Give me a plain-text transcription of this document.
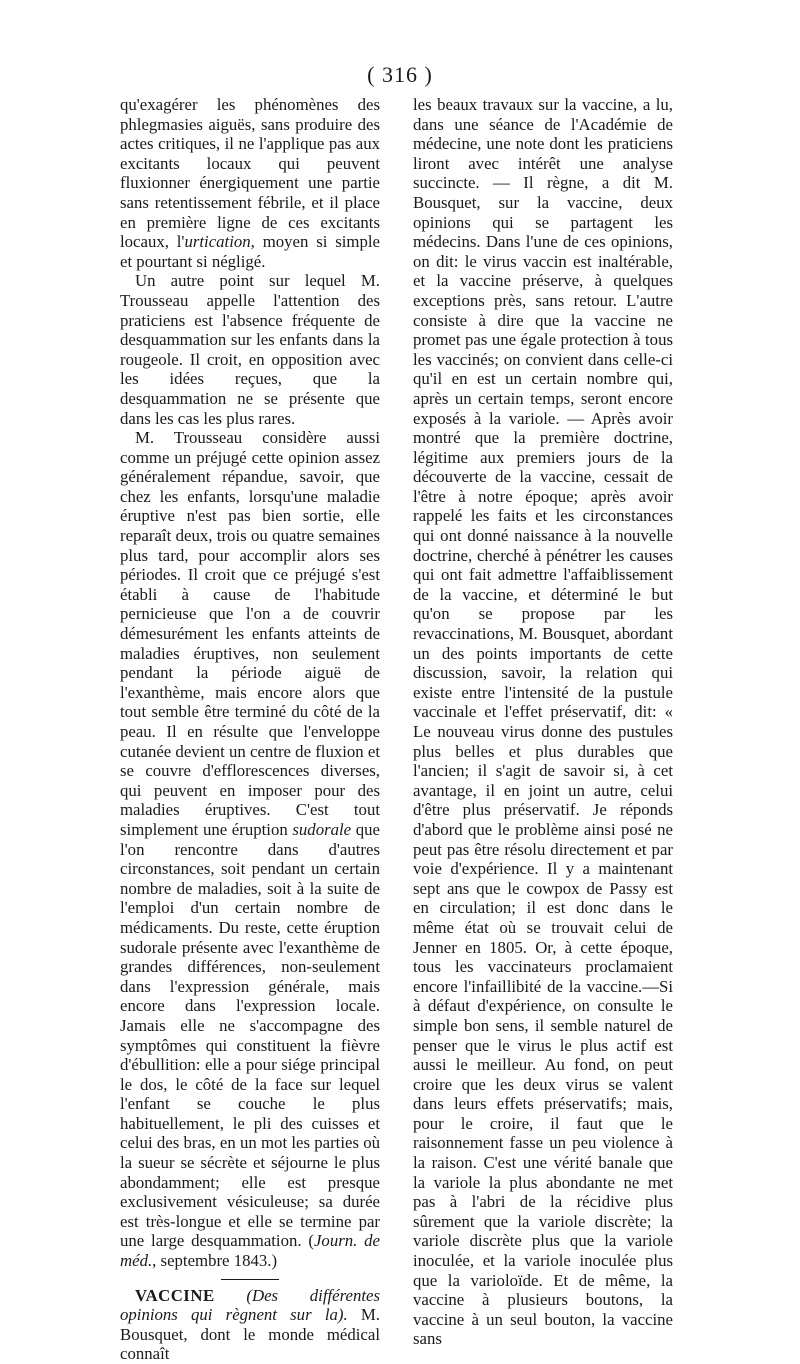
( 316 )

qu'exagérer les phénomènes des phlegmasies aiguës, sans produire des actes critiques, il ne l'applique pas aux excitants locaux qui peuvent fluxionner énergiquement une partie sans retentissement fébrile, et il place en première ligne de ces excitants locaux, l'urtication, moyen si simple et pourtant si négligé.

Un autre point sur lequel M. Trousseau appelle l'attention des praticiens est l'absence fréquente de desquammation sur les enfants dans la rougeole. Il croit, en opposition avec les idées reçues, que la desquammation ne se présente que dans les cas les plus rares.

M. Trousseau considère aussi comme un préjugé cette opinion assez généralement répandue, savoir, que chez les enfants, lorsqu'une maladie éruptive n'est pas bien sortie, elle reparaît deux, trois ou quatre semaines plus tard, pour accomplir alors ses périodes. Il croit que ce préjugé s'est établi à cause de l'habitude pernicieuse que l'on a de couvrir démesurément les enfants atteints de maladies éruptives, non seulement pendant la période aiguë de l'exanthème, mais encore alors que tout semble être terminé du côté de la peau. Il en résulte que l'enveloppe cutanée devient un centre de fluxion et se couvre d'efflorescences diverses, qui peuvent en imposer pour des maladies éruptives. C'est tout simplement une éruption sudorale que l'on rencontre dans d'autres circonstances, soit pendant un certain nombre de maladies, soit à la suite de l'emploi d'un certain nombre de médicaments. Du reste, cette éruption sudorale présente avec l'exanthème de grandes différences, non-seulement dans l'expression générale, mais encore dans l'expression locale. Jamais elle ne s'accompagne des symptômes qui constituent la fièvre d'ébullition: elle a pour siége principal le dos, le côté de la face sur lequel l'enfant se couche le plus habituellement, le pli des cuisses et celui des bras, en un mot les parties où la sueur se sécrète et séjourne le plus abondamment; elle est presque exclusivement vésiculeuse; sa durée est très-longue et elle se termine par une large desquammation. (Journ. de méd., septembre 1843.)

VACCINE (Des différentes opinions qui règnent sur la). M. Bousquet, dont le monde médical connaît

les beaux travaux sur la vaccine, a lu, dans une séance de l'Académie de médecine, une note dont les praticiens liront avec intérêt une analyse succincte. — Il règne, a dit M. Bousquet, sur la vaccine, deux opinions qui se partagent les médecins. Dans l'une de ces opinions, on dit: le virus vaccin est inaltérable, et la vaccine préserve, à quelques exceptions près, sans retour. L'autre consiste à dire que la vaccine ne promet pas une égale protection à tous les vaccinés; on convient dans celle-ci qu'il en est un certain nombre qui, après un certain temps, seront encore exposés à la variole. — Après avoir montré que la première doctrine, légitime aux premiers jours de la découverte de la vaccine, cessait de l'être à notre époque; après avoir rappelé les faits et les circonstances qui ont donné naissance à la nouvelle doctrine, cherché à pénétrer les causes qui ont fait admettre l'affaiblissement de la vaccine, et déterminé le but qu'on se propose par les revaccinations, M. Bousquet, abordant un des points importants de cette discussion, savoir, la relation qui existe entre l'intensité de la pustule vaccinale et l'effet préservatif, dit: « Le nouveau virus donne des pustules plus belles et plus durables que l'ancien; il s'agit de savoir si, à cet avantage, il en joint un autre, celui d'être plus préservatif. Je réponds d'abord que le problème ainsi posé ne peut pas être résolu directement et par voie d'expérience. Il y a maintenant sept ans que le cowpox de Passy est en circulation; il est donc dans le même état où se trouvait celui de Jenner en 1805. Or, à cette époque, tous les vaccinateurs proclamaient encore l'infaillibité de la vaccine.—Si à défaut d'expérience, on consulte le simple bon sens, il semble naturel de penser que le virus le plus actif est aussi le meilleur. Au fond, on peut croire que les deux virus se valent dans leurs effets préservatifs; mais, pour le croire, il faut que le raisonnement fasse un peu violence à la raison. C'est une vérité banale que la variole la plus abondante ne met pas à l'abri de la récidive plus sûrement que la variole discrète; la variole discrète plus que la variole inoculée, et la variole inoculée plus que la varioloïde. Et de même, la vaccine à plusieurs boutons, la vaccine à un seul bouton, la vaccine sans
